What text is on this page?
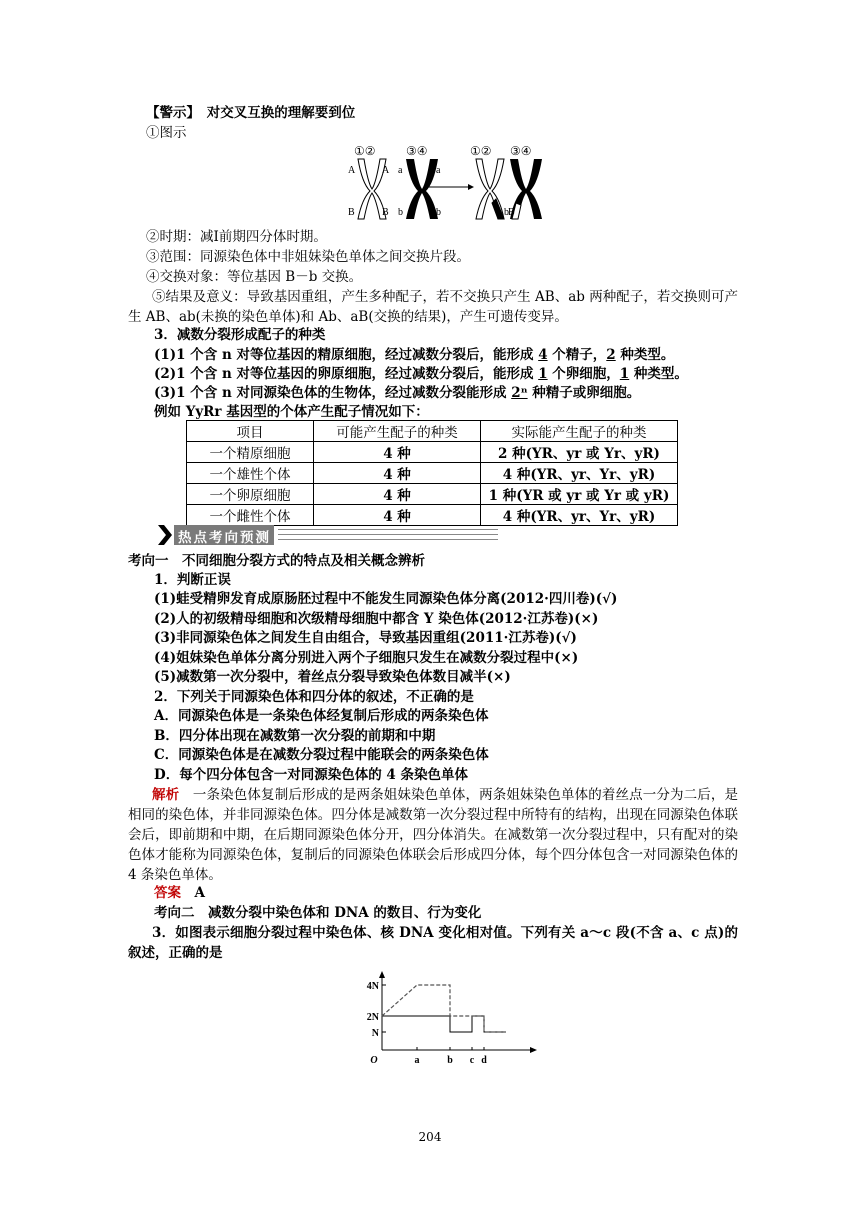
【警示】　 对交叉互换的理解要到位
①图示
①②	③④	①② ③④
A	A
B	B
a	a
b	b	b B
②时期：减Ⅰ前期四分体时期。
③范围：同源染色体中非姐妹染色单体之间交换片段。
④交换对象：等位基因 B－b 交换。
⑤结果及意义：导致基因重组，产生多种配子，若不交换只产生 AB、ab 两种配子，若交换则可产生 AB、ab(未换的染色单体)和 Ab、aB(交换的结果)，产生可遗传变异。
3．减数分裂形成配子的种类
(1)1 个含 n 对等位基因的精原细胞，经过减数分裂后，能形成 4 个精子，2 种类型。
(2)1 个含 n 对等位基因的卵原细胞，经过减数分裂后，能形成 1 个卵细胞，1 种类型。
(3)1 个含 n 对同源染色体的生物体，经过减数分裂能形成 2ⁿ 种精子或卵细胞。
例如 YyRr 基因型的个体产生配子情况如下：
项目	可能产生配子的种类	实际能产生配子的种类
一个精原细胞	4 种	2 种(YR、yr 或 Yr、yR)
一个雄性个体	4 种	4 种(YR、yr、Yr、yR)
一个卵原细胞	4 种	1 种(YR 或 yr 或 Yr 或 yR)
一个雌性个体	4 种	4 种(YR、yr、Yr、yR)
热点考向预测
考向一　不同细胞分裂方式的特点及相关概念辨析
1．判断正误
(1)蛙受精卵发育成原肠胚过程中不能发生同源染色体分离(2012·四川卷)(√)
(2)人的初级精母细胞和次级精母细胞中都含 Y 染色体(2012·江苏卷)(×)
(3)非同源染色体之间发生自由组合，导致基因重组(2011·江苏卷)(√)
(4)姐妹染色单体分离分别进入两个子细胞只发生在减数分裂过程中(×)
(5)减数第一次分裂中，着丝点分裂导致染色体数目减半(×)
2．下列关于同源染色体和四分体的叙述，不正确的是
A．同源染色体是一条染色体经复制后形成的两条染色体
B．四分体出现在减数第一次分裂的前期和中期
C．同源染色体是在减数分裂过程中能联会的两条染色体
D．每个四分体包含一对同源染色体的 4 条染色单体
解析　 一条染色体复制后形成的是两条姐妹染色单体，两条姐妹染色单体的着丝点一分为二后，是相同的染色体，并非同源染色体。四分体是减数第一次分裂过程中所特有的结构，出现在同源染色体联会后，即前期和中期，在后期同源染色体分开，四分体消失。在减数第一次分裂过程中，只有配对的染色体才能称为同源染色体，复制后的同源染色体联会后形成四分体，每个四分体包含一对同源染色体的 4 条染色单体。
答案　 A
考向二　减数分裂中染色体和 DNA 的数目、行为变化
3．如图表示细胞分裂过程中染色体、核 DNA 变化相对值。下列有关 a～c 段(不含 a、c 点)的叙述，正确的是
N
2N
4N
O	a	b c d
204
